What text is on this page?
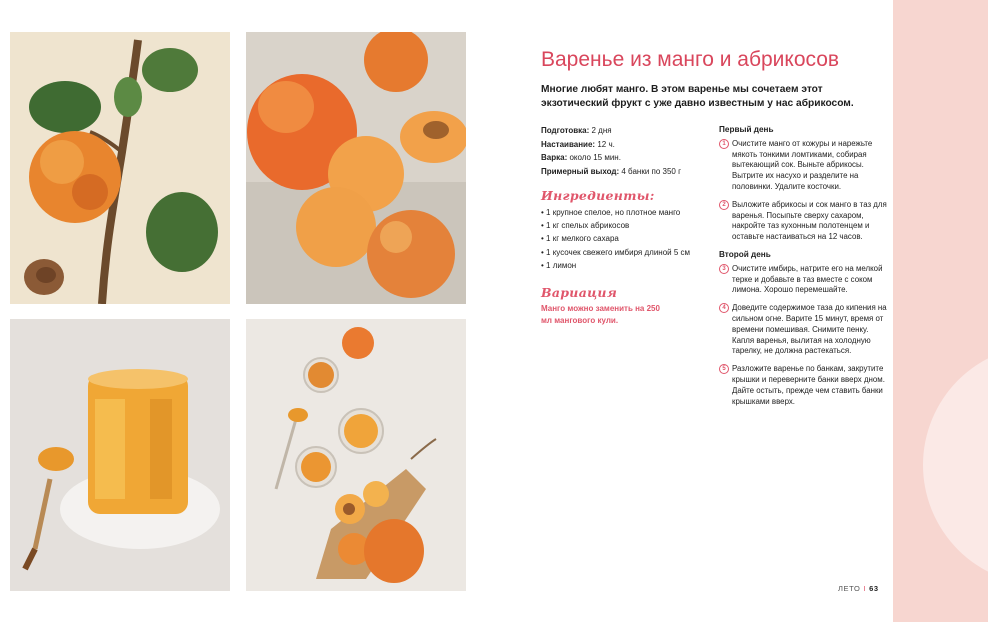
Варенье из манго и абрикосов

Многие любят манго. В этом варенье мы сочетаем этот экзотический фрукт с уже давно известным у нас абрикосом.

Подготовка: 2 дня
Настаивание: 12 ч.
Варка: около 15 мин.
Примерный выход: 4 банки по 350 г
Ингредиенты:
• 1 крупное спелое, но плотное манго
• 1 кг спелых абрикосов
• 1 кг мелкого сахара
• 1 кусочек свежего имбиря длиной 5 см
• 1 лимон
Вариация
Манго можно заменить на 250 мл мангового кули.
Первый день
1 Очистите манго от кожуры и нарежьте мякоть тонкими ломтиками, собирая вытекающий сок. Выньте абрикосы. Вытрите их насухо и разделите на половинки. Удалите косточки.
2 Выложите абрикосы и сок манго в таз для варенья. Посыпьте сверху сахаром, накройте таз кухонным полотенцем и оставьте настаиваться на 12 часов.
Второй день
3 Очистите имбирь, натрите его на мелкой терке и добавьте в таз вместе с соком лимона. Хорошо перемешайте.
4 Доведите содержимое таза до кипения на сильном огне. Варите 15 минут, время от времени помешивая. Снимите пенку. Капля варенья, вылитая на холодную тарелку, не должна растекаться.
5 Разложите варенье по банкам, закрутите крышки и переверните банки вверх дном. Дайте остыть, прежде чем ставить банки крышками вверх.
ЛЕТО I 63
